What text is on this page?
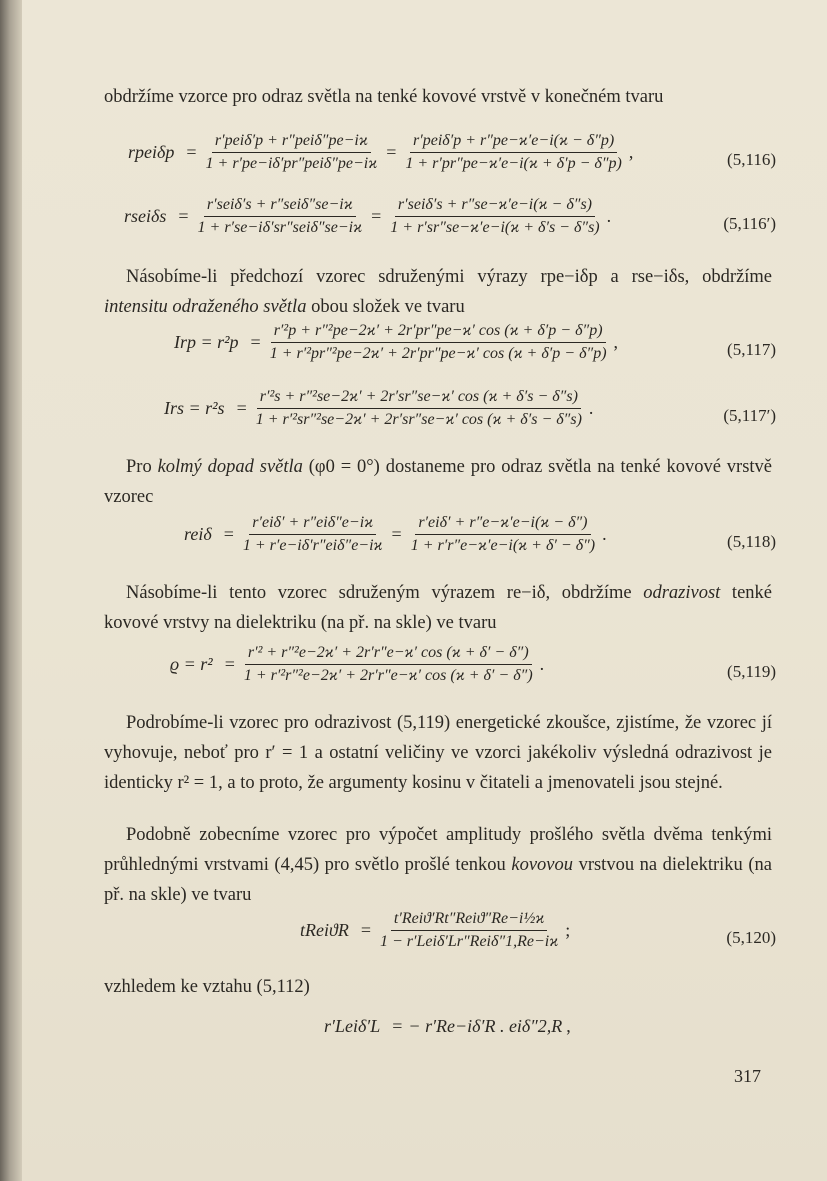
obdržíme vzorce pro odraz světla na tenké kovové vrstvě v konečném tvaru
rpeiδp = $\frac{\text{r′peiδ′p + r″peiδ″pe−iϰ}}{\text{1 + r′pe−iδ′pr″peiδ″pe−iϰ}} = \frac{\text{r′peiδ′p + r″pe−ϰ′e−i(ϰ − δ″p)}}{1 + r'pr''pe-ϰ'e-i(ϰ + \delta'p - \delta''p)}$ ,	(5,116)
rseiδs = $\frac{\text{r′seiδ′s + r″seiδ″se−iϰ}}{\text{1 + r′se−iδ′sr″seiδ″se−iϰ}} = \frac{\text{r′seiδ′s + r″se−ϰ′e−i(ϰ − δ″s)}}{1 + r'sr''se-ϰ'e-i(ϰ + \delta's - \delta''s)}$ .	(5,116′)
Násobíme-li předchozí vzorec sdruženými výrazy rpe−iδp a rse−iδs, obdržíme intensitu odraženého světla obou složek ve tvaru
Irp = $r^2p = \frac{\text{r′²p + r″²pe−2ϰ′ + 2r′pr″pe−ϰ′ cos (ϰ + δ′p − δ″p)}}{\text{1 + r′²pr″²pe−2ϰ′ + 2r′pr″pe−ϰ′ cos (ϰ + δ′p − δ″p)}}$ ,	(5,117)
Irs = $r^2s = \frac{\text{r′²s + r″²se−2ϰ′ + 2r′sr″se−ϰ′ cos (ϰ + δ′s − δ″s)}}{\text{1 + r′²sr″²se−2ϰ′ + 2r′sr″se−ϰ′ cos (ϰ + δ′s − δ″s)}}$ .	(5,117′)
Pro kolmý dopad světla (φ0 = 0°) dostaneme pro odraz světla na tenké kovové vrstvě vzorec
$rei\delta = \frac{\text{r′eiδ′ + r″eiδ″e−iϰ}}{\text{1 + r′e−iδ′r″eiδ″e−iϰ}} = \frac{\text{r′eiδ′ + r″e−ϰ′e−i(ϰ − δ″)}}{1 + r'r''e-ϰ'e-i(ϰ + \delta' - \delta'')}$ .	(5,118)
Násobíme-li tento vzorec sdruženým výrazem re−iδ, obdržíme odrazivost tenké kovové vrstvy na dielektriku (na př. na skle) ve tvaru
$ϱ = r^2 = \frac{\text{r′² + r″²e−2ϰ′ + 2r′r″e−ϰ′ cos (ϰ + δ′ − δ″)}}{\text{1 + r′²r″²e−2ϰ′ + 2r′r″e−ϰ′ cos (ϰ + δ′ − δ″)}}$ .	(5,119)
Podrobíme-li vzorec pro odrazivost (5,119) energetické zkoušce, zjistíme, že vzorec jí vyhovuje, neboť pro r′ = 1 a ostatní veličiny ve vzorci jakékoliv výsledná odrazivost je identicky r² = 1, a to proto, že argumenty kosinu v čitateli a jmenovateli jsou stejné.
Podobně zobecníme vzorec pro výpočet amplitudy prošlého světla dvěma tenkými průhlednými vrstvami (4,45) pro světlo prošlé tenkou kovovou vrstvou na dielektriku (na př. na skle) ve tvaru
tReiϑR = $\frac{\text{t′Reiϑ′Rt″Reiϑ″Re−i½ϰ}}{\text{1 − r′Leiδ′Lr″Reiδ″1,Re−iϰ}}$ ;	(5,120)
vzhledem ke vztahu (5,112)
r′Leiδ′L = − r′Re−iδ′R . eiδ″2,R ,
317
